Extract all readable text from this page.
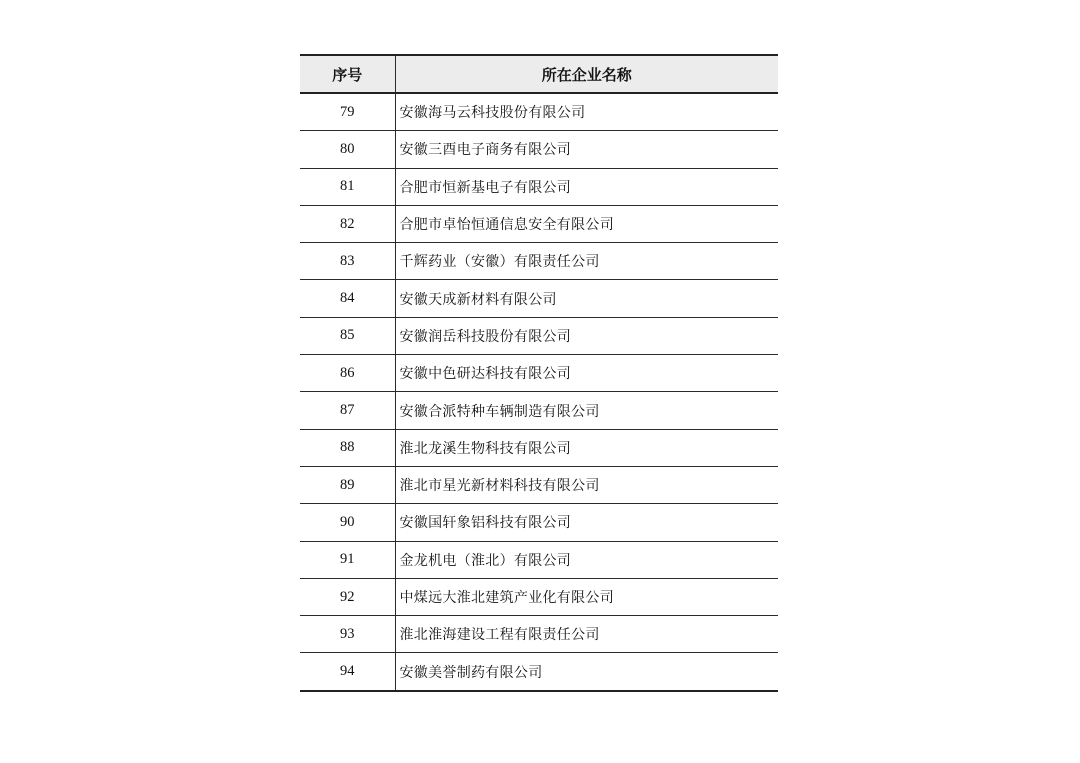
序号	所在企业名称
79	安徽海马云科技股份有限公司
80	安徽三酉电子商务有限公司
81	合肥市恒新基电子有限公司
82	合肥市卓怡恒通信息安全有限公司
83	千辉药业（安徽）有限责任公司
84	安徽天成新材料有限公司
85	安徽润岳科技股份有限公司
86	安徽中色研达科技有限公司
87	安徽合派特种车辆制造有限公司
88	淮北龙溪生物科技有限公司
89	淮北市星光新材料科技有限公司
90	安徽国轩象铝科技有限公司
91	金龙机电（淮北）有限公司
92	中煤远大淮北建筑产业化有限公司
93	淮北淮海建设工程有限责任公司
94	安徽美誉制药有限公司
